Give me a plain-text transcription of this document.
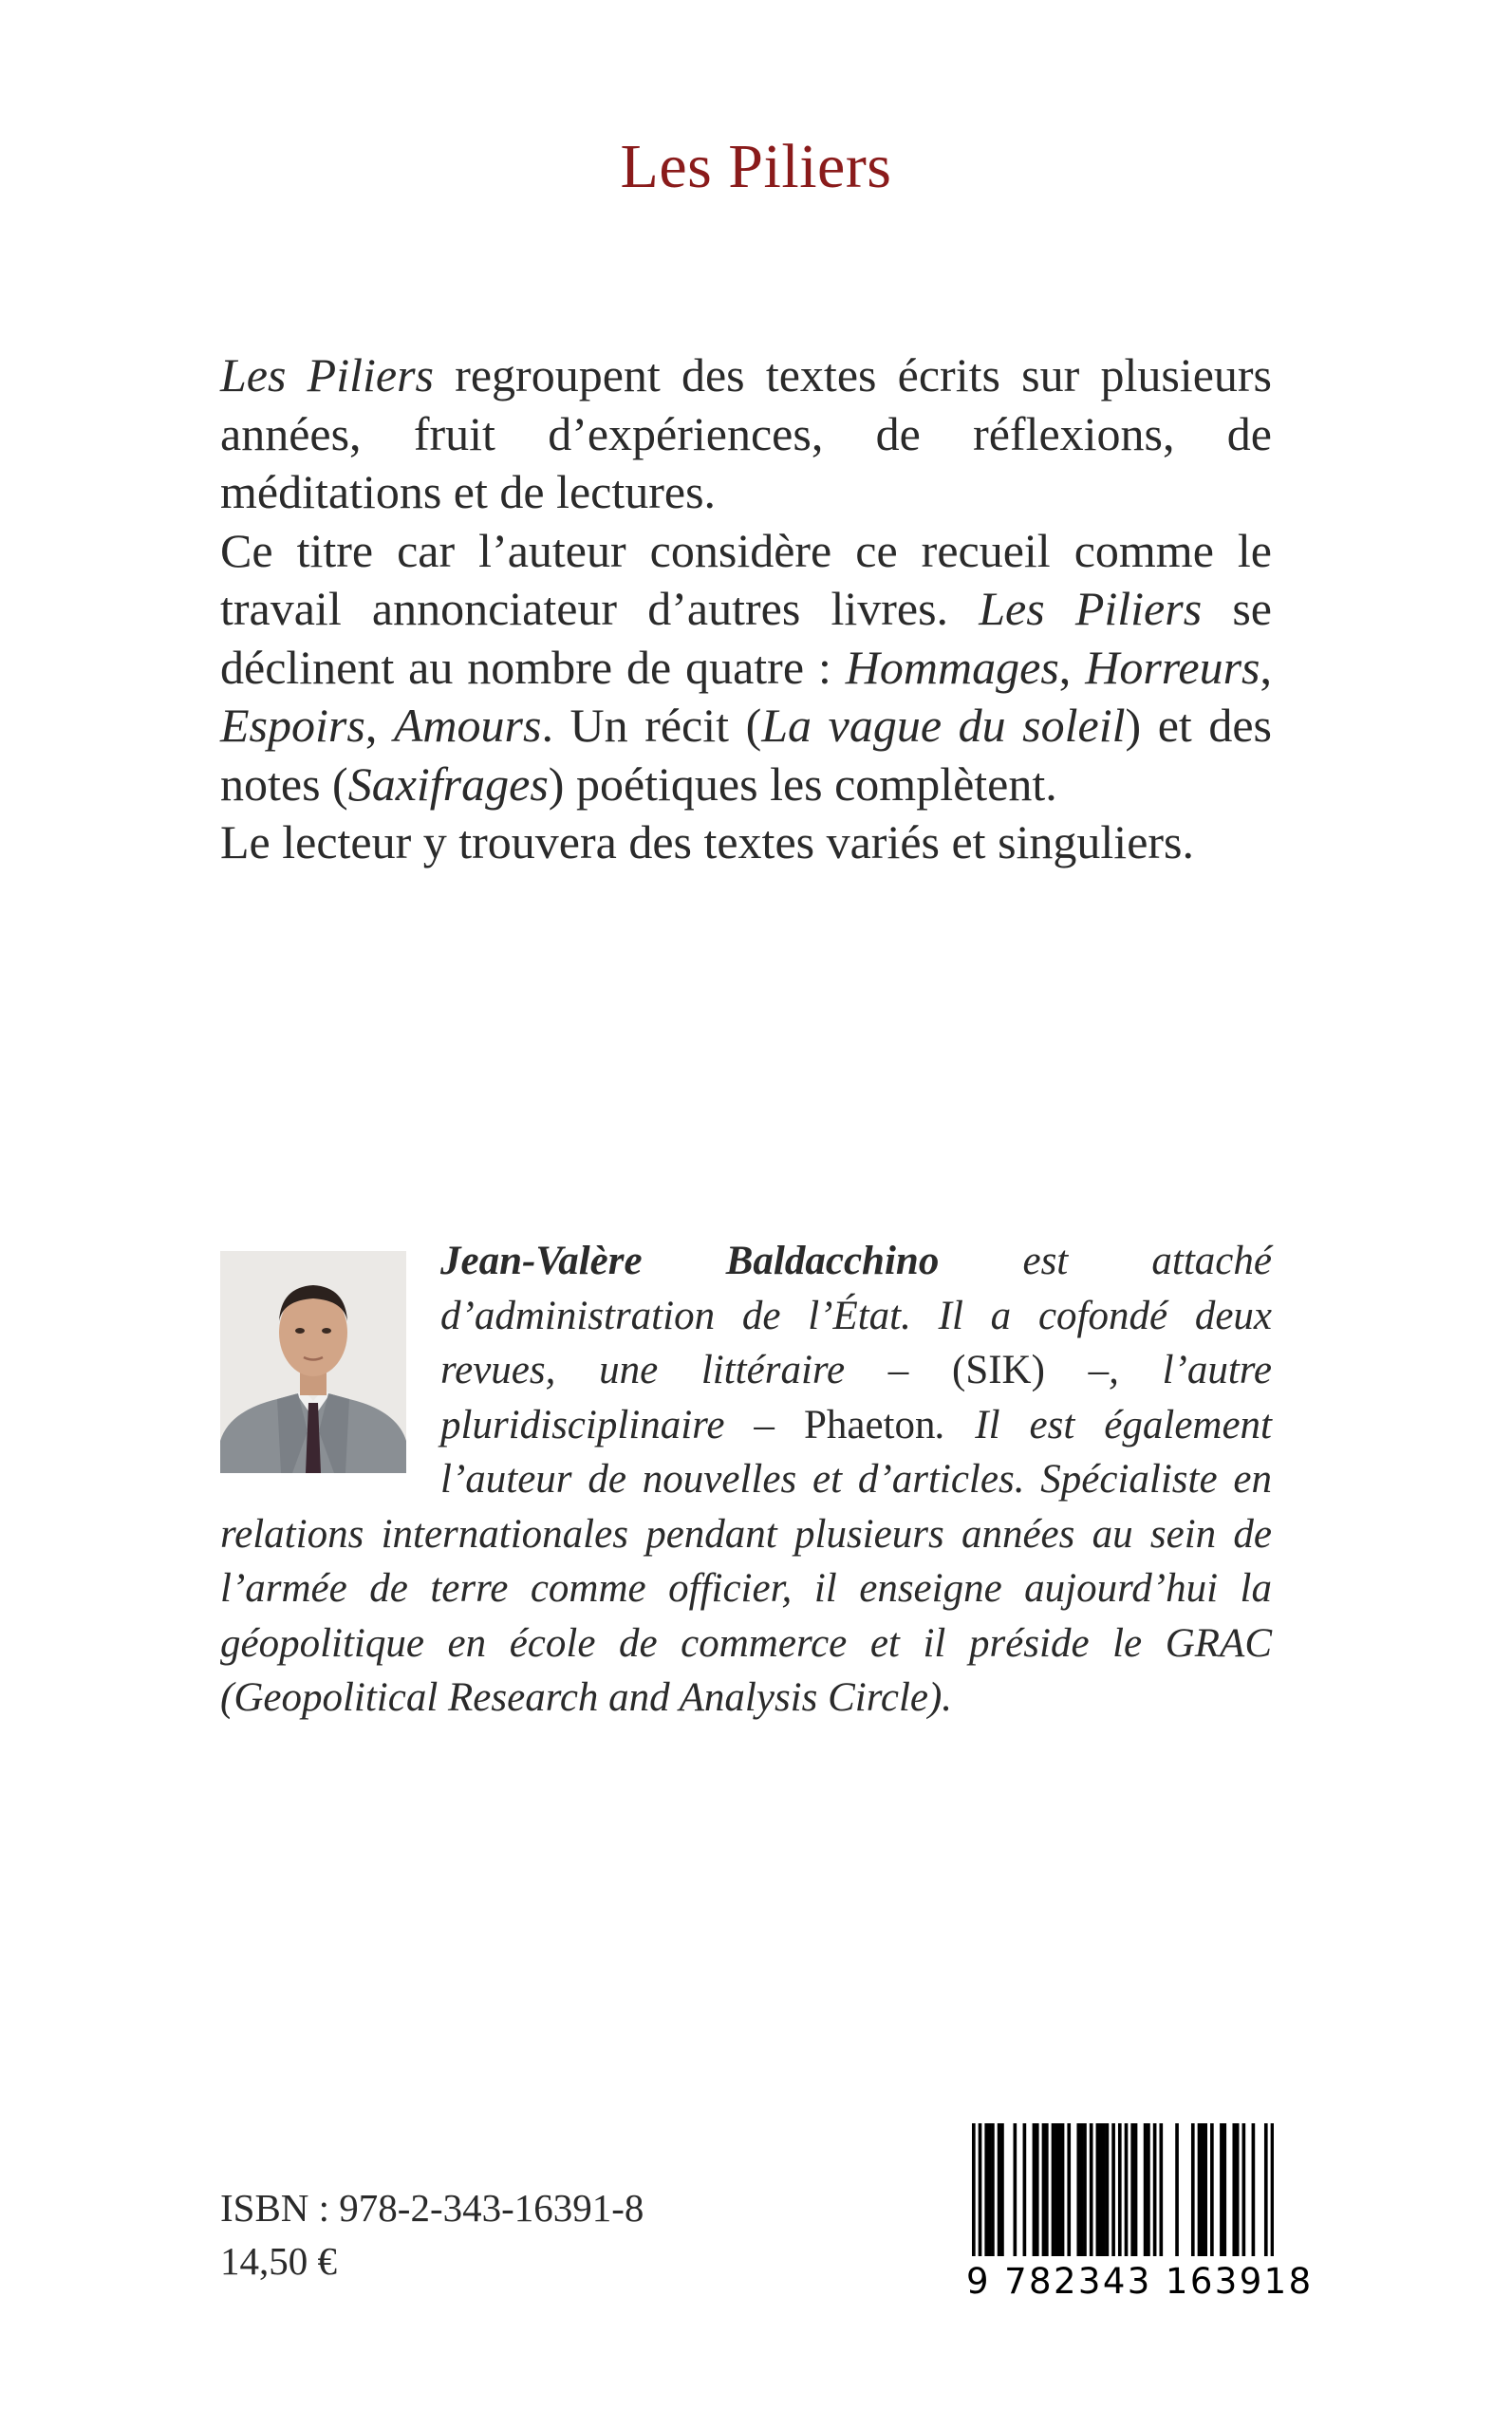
Les Piliers

Les Piliers regroupent des textes écrits sur plusieurs années, fruit d’expériences, de réflexions, de méditations et de lectures.

Ce titre car l’auteur considère ce recueil comme le travail annonciateur d’autres livres. Les Piliers se déclinent au nombre de quatre : Hommages, Horreurs, Espoirs, Amours. Un récit (La vague du soleil) et des notes (Saxifrages) poétiques les complètent.

Le lecteur y trouvera des textes variés et singuliers.

Jean-Valère Baldacchino est attaché d’administration de l’État. Il a cofondé deux revues, une littéraire – (SIK) –, l’autre pluridisciplinaire – Phaeton. Il est également l’auteur de nouvelles et d’articles. Spécialiste en relations internationales pendant plusieurs années au sein de l’armée de terre comme officier, il enseigne aujourd’hui la géopolitique en école de commerce et il préside le GRAC (Geopolitical Research and Analysis Circle).
ISBN : 978-2-343-16391-8
14,50 €	9 782343 163918
